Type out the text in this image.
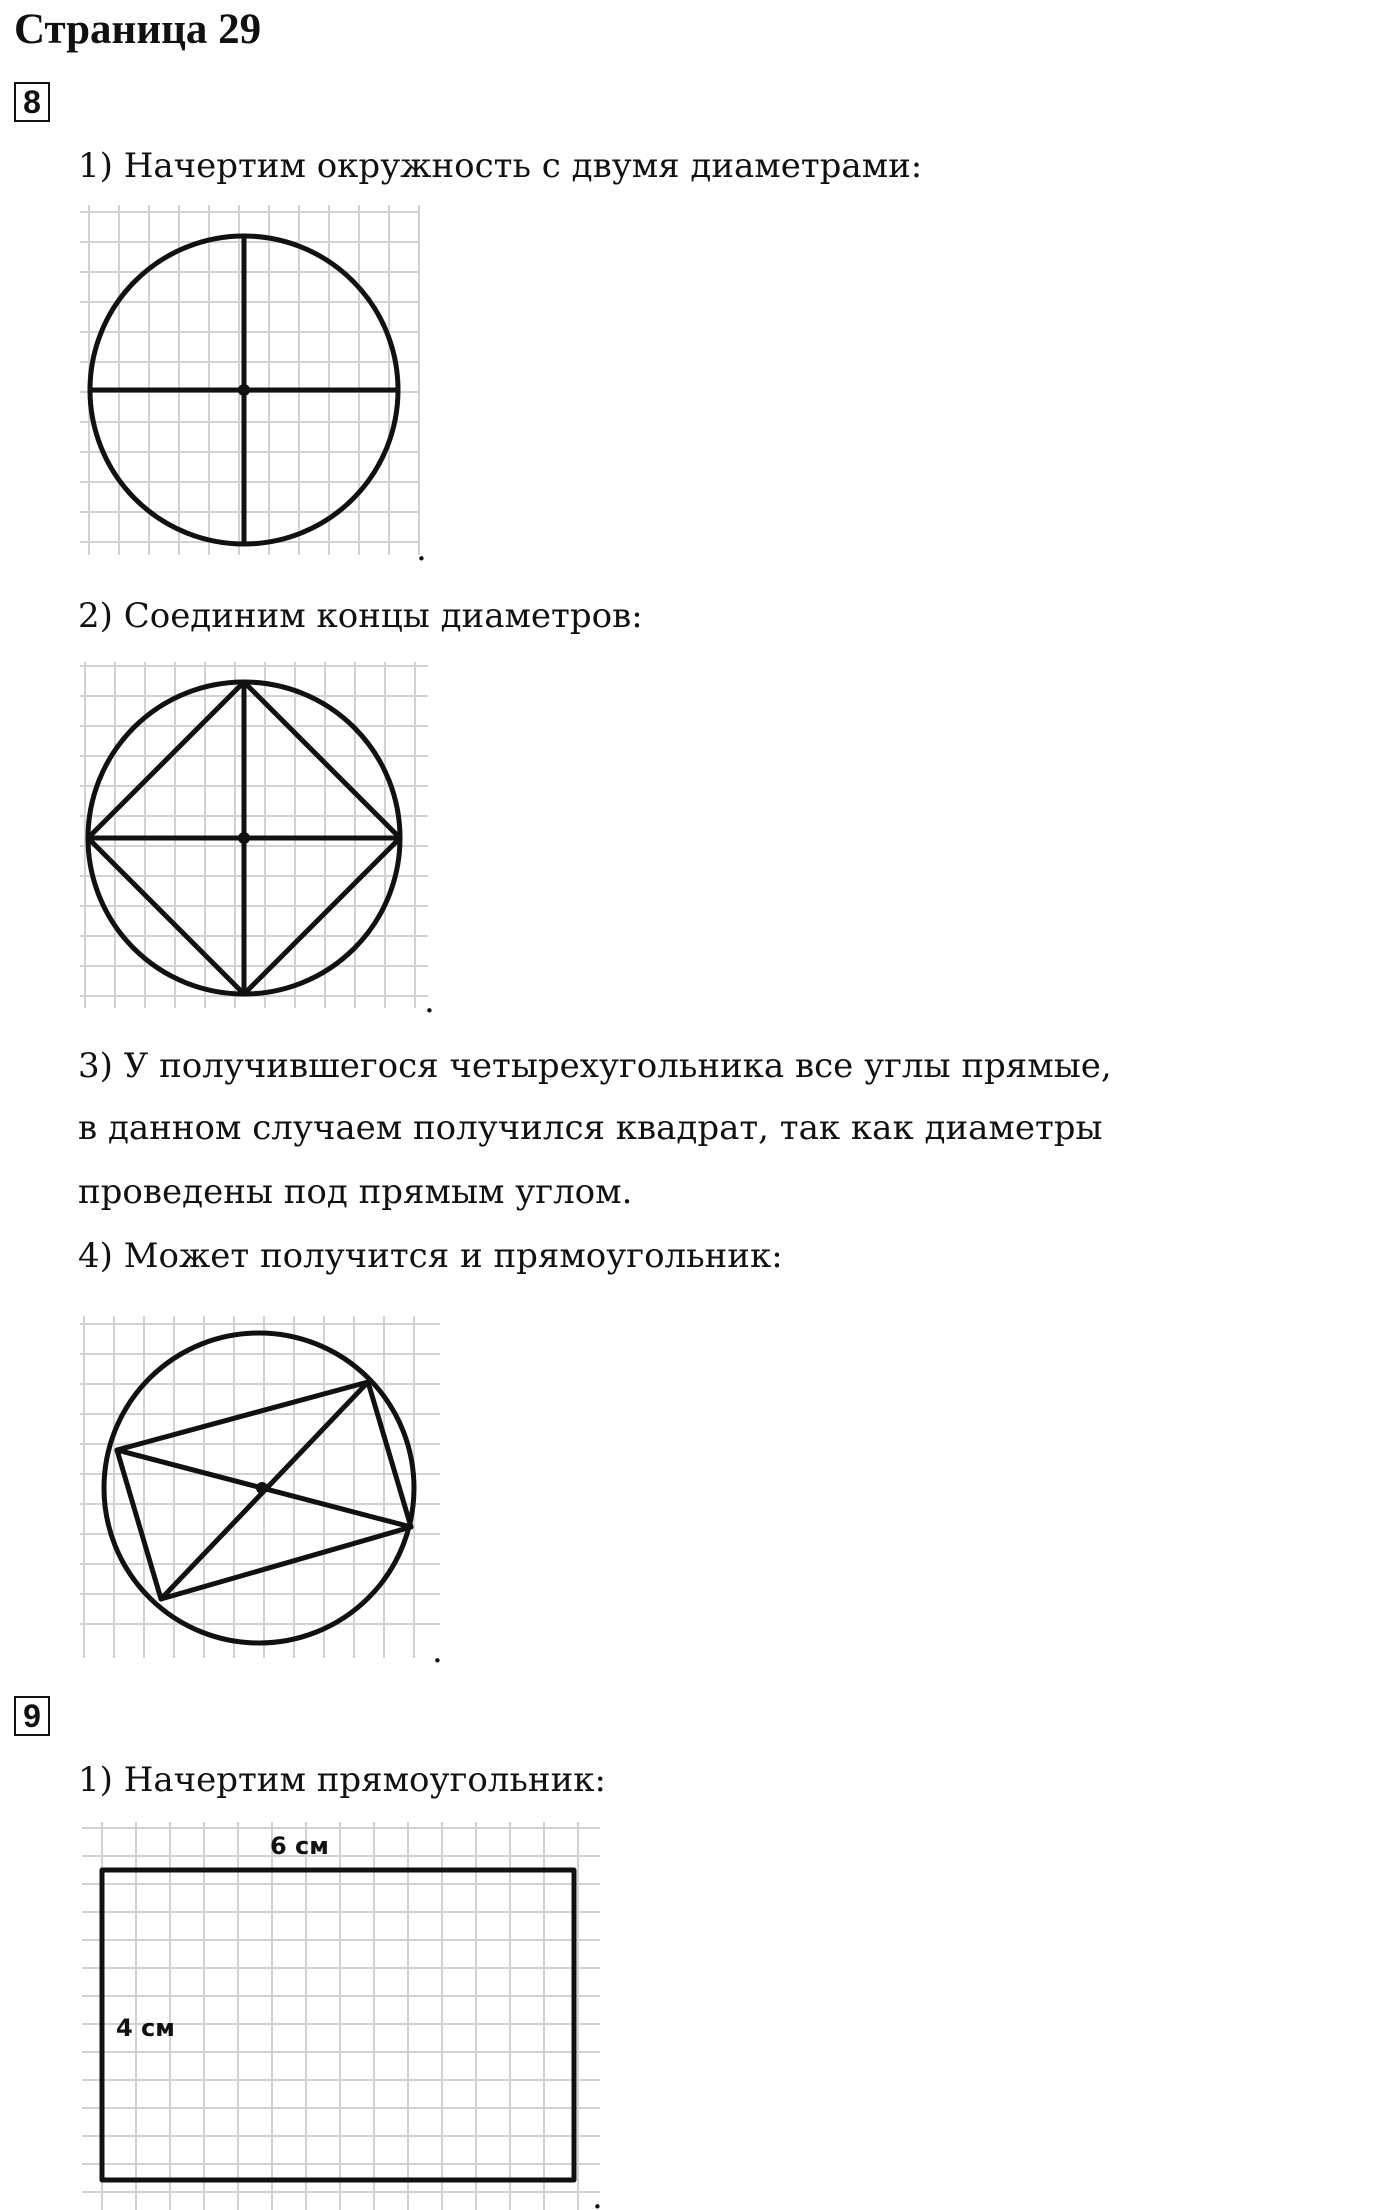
Страница 29
8
1) Начертим окружность с двумя диаметрами:
.
2) Соединим концы диаметров:
.
3) У получившегося четырехугольника все углы прямые,
в данном случаем получился квадрат, так как диаметры
проведены под прямым углом.
4) Может получится и прямоугольник:
.
9
1) Начертим прямоугольник:
6 см
4 см
.
